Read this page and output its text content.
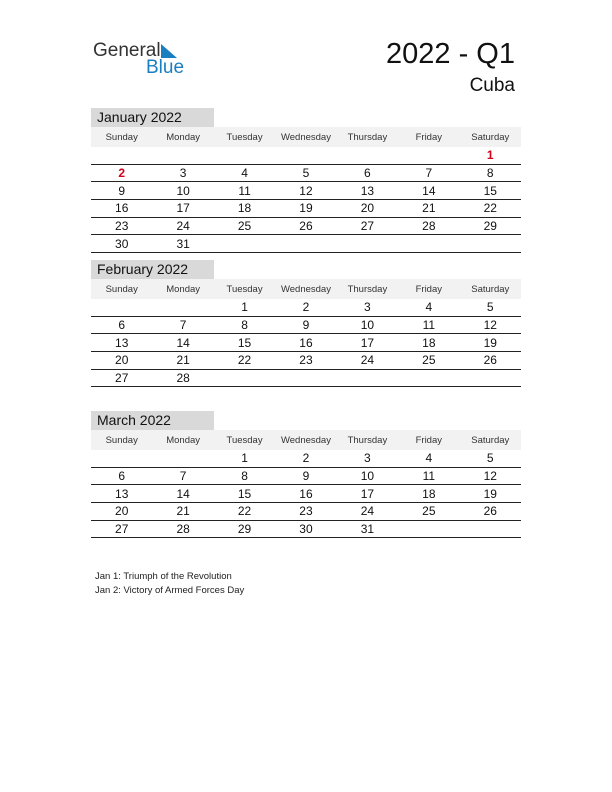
General
Blue	2022 - Q1
Cuba
January 2022
Sunday	Monday	Tuesday	Wednesday	Thursday	Friday	Saturday
						1
2	3	4	5	6	7	8
9	10	11	12	13	14	15
16	17	18	19	20	21	22
23	24	25	26	27	28	29
30	31					
February 2022
Sunday	Monday	Tuesday	Wednesday	Thursday	Friday	Saturday
		1	2	3	4	5
6	7	8	9	10	11	12
13	14	15	16	17	18	19
20	21	22	23	24	25	26
27	28					
March 2022
Sunday	Monday	Tuesday	Wednesday	Thursday	Friday	Saturday
		1	2	3	4	5
6	7	8	9	10	11	12
13	14	15	16	17	18	19
20	21	22	23	24	25	26
27	28	29	30	31		
Jan 1: Triumph of the Revolution
Jan 2: Victory of Armed Forces Day
